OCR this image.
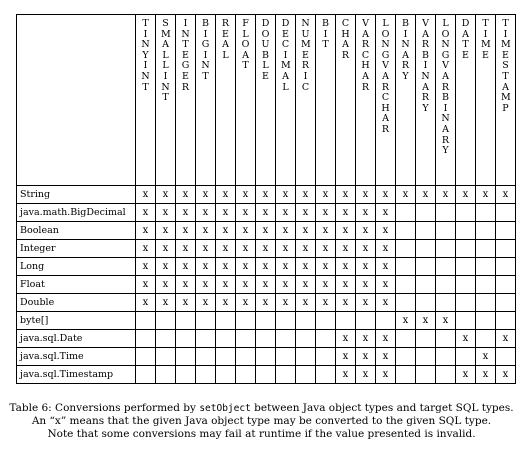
	TINYINT	SMALLINT	INTEGER	BIGINT	REAL	FLOAT	DOUBLE	DECIMAL	NUMERIC	BIT	CHAR	VARCHAR	LONGVARCHAR	BINARY	VARBINARY	LONGVARBINARY	DATE	TIME	TIMESTAMP

String	x	x	x	x	x	x	x	x	x	x	x	x	x	x	x	x	x	x	x
java.math.BigDecimal	x	x	x	x	x	x	x	x	x	x	x	x	x						
Boolean	x	x	x	x	x	x	x	x	x	x	x	x	x						
Integer	x	x	x	x	x	x	x	x	x	x	x	x	x						
Long	x	x	x	x	x	x	x	x	x	x	x	x	x						
Float	x	x	x	x	x	x	x	x	x	x	x	x	x						
Double	x	x	x	x	x	x	x	x	x	x	x	x	x						
byte[]														x	x	x			
java.sql.Date											x	x	x				x		x
java.sql.Time											x	x	x					x	
java.sql.Timestamp											x	x	x				x	x	x
Table 6: Conversions performed by setObject between Java object types and target SQL types.
An “x” means that the given Java object type may be converted to the given SQL type.
Note that some conversions may fail at runtime if the value presented is invalid.
